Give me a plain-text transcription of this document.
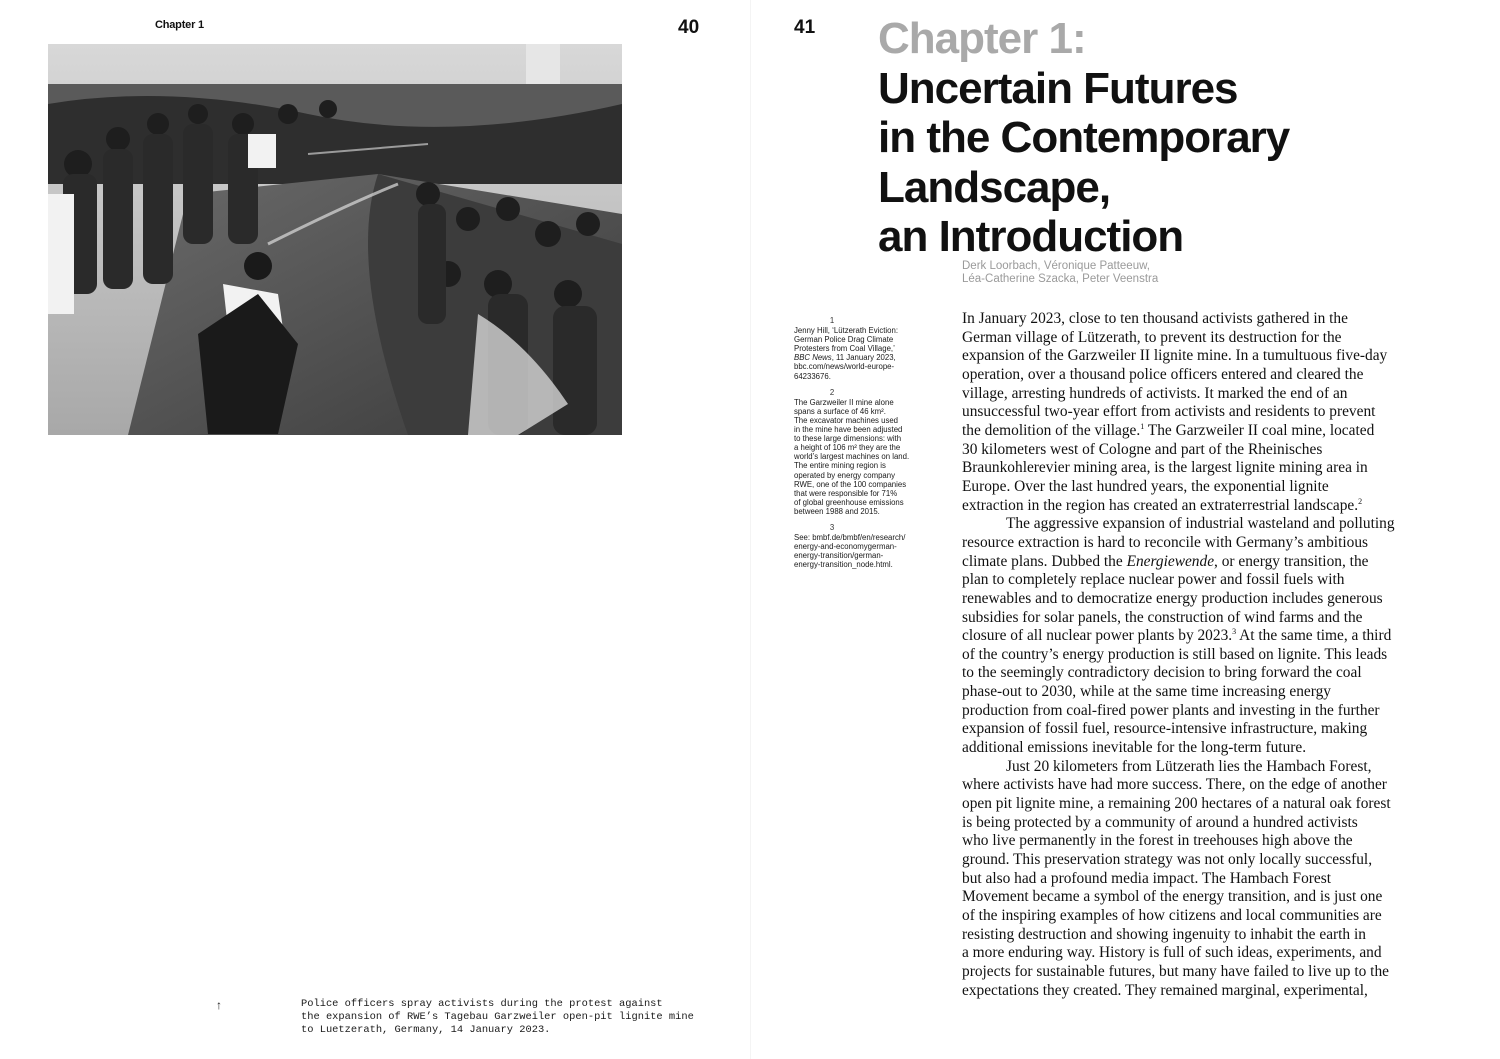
Chapter 1	40	41
↑	Police officers spray activists during the protest against
the expansion of RWE’s Tagebau Garzweiler open-pit lignite mine
to Luetzerath, Germany, 14 January 2023.
Chapter 1:
Uncertain Futures
in the Contemporary
Landscape,
an Introduction
Derk Loorbach, Véronique Patteeuw,
Léa-Catherine Szacka, Peter Veenstra
1
Jenny Hill, ‘Lützerath Eviction:
German Police Drag Climate
Protesters from Coal Village,’
BBC News, 11 January 2023,
bbc.com/news/world-europe-
64233676.
2
The Garzweiler II mine alone
spans a surface of 46 km².
The excavator machines used
in the mine have been adjusted
to these large dimensions: with
a height of 106 m² they are the
world’s largest machines on land.
The entire mining region is
operated by energy company
RWE, one of the 100 companies
that were responsible for 71%
of global greenhouse emissions
between 1988 and 2015.
3
See: bmbf.de/bmbf/en/research/
energy-and-economygerman-
energy-transition/german-
energy-transition_node.html.

In January 2023, close to ten thousand activists gathered in the
German village of Lützerath, to prevent its destruction for the
expansion of the Garzweiler II lignite mine. In a tumultuous five-day
operation, over a thousand police officers entered and cleared the
village, arresting hundreds of activists. It marked the end of an
unsuccessful two-year effort from activists and residents to prevent
the demolition of the village.$^1$ The Garzweiler II coal mine, located
30 kilometers west of Cologne and part of the Rheinisches
Braunkohlerevier mining area, is the largest lignite mining area in
Europe. Over the last hundred years, the exponential lignite
extraction in the region has created an extraterrestrial landscape.$^2$

The aggressive expansion of industrial wasteland and polluting
resource extraction is hard to reconcile with Germany’s ambitious
climate plans. Dubbed the Energiewende, or energy transition, the
plan to completely replace nuclear power and fossil fuels with
renewables and to democratize energy production includes generous
subsidies for solar panels, the construction of wind farms and the
closure of all nuclear power plants by 2023.$^3$ At the same time, a third
of the country’s energy production is still based on lignite. This leads
to the seemingly contradictory decision to bring forward the coal
phase-out to 2030, while at the same time increasing energy
production from coal-fired power plants and investing in the further
expansion of fossil fuel, resource-intensive infrastructure, making
additional emissions inevitable for the long-term future.

Just 20 kilometers from Lützerath lies the Hambach Forest,
where activists have had more success. There, on the edge of another
open pit lignite mine, a remaining 200 hectares of a natural oak forest
is being protected by a community of around a hundred activists
who live permanently in the forest in treehouses high above the
ground. This preservation strategy was not only locally successful,
but also had a profound media impact. The Hambach Forest
Movement became a symbol of the energy transition, and is just one
of the inspiring examples of how citizens and local communities are
resisting destruction and showing ingenuity to inhabit the earth in
a more enduring way. History is full of such ideas, experiments, and
projects for sustainable futures, but many have failed to live up to the
expectations they created. They remained marginal, experimental,
